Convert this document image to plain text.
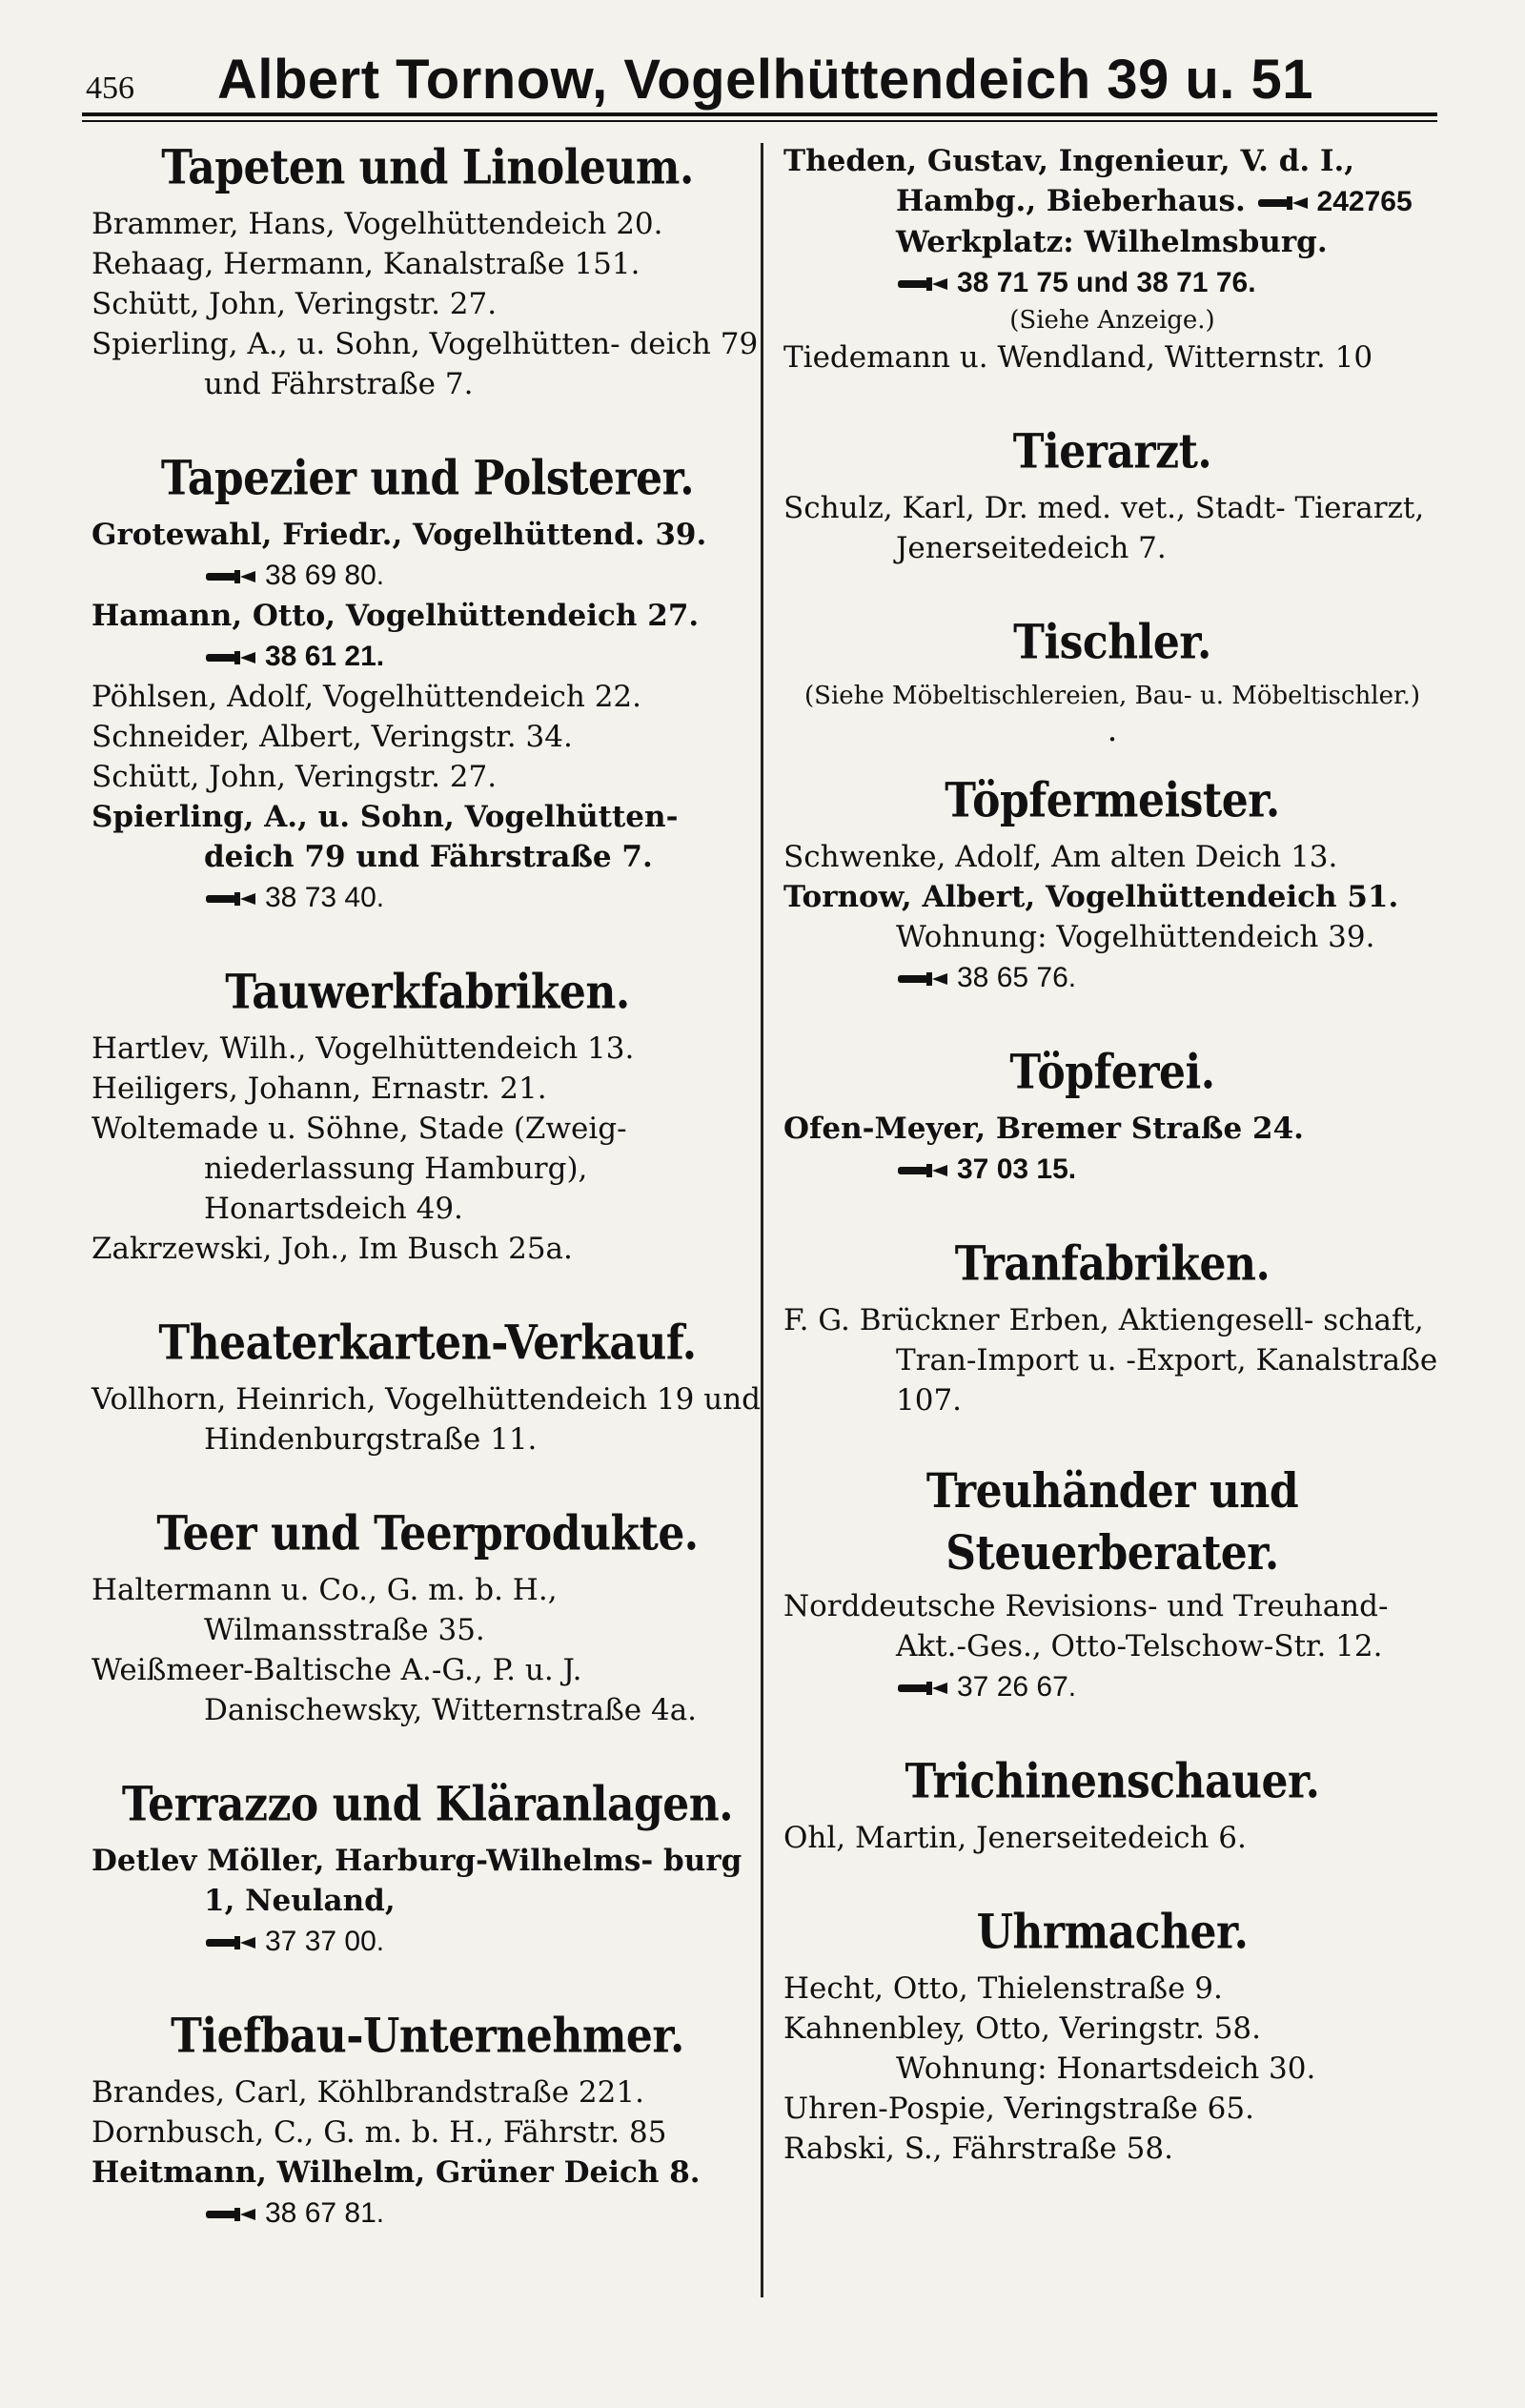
456 Albert Tornow, Vogelhüttendeich 39 u. 51
Tapeten und Linoleum.
Brammer, Hans, Vogelhüttendeich 20.
Rehaag, Hermann, Kanalstraße 151.
Schütt, John, Veringstr. 27.
Spierling, A., u. Sohn, Vogelhütten- deich 79 und Fährstraße 7.
Tapezier und Polsterer.
Grotewahl, Friedr., Vogelhüttend. 39.
38 69 80.
Hamann, Otto, Vogelhüttendeich 27.
38 61 21.
Pöhlsen, Adolf, Vogelhüttendeich 22.
Schneider, Albert, Veringstr. 34.
Schütt, John, Veringstr. 27.
Spierling, A., u. Sohn, Vogelhütten- deich 79 und Fährstraße 7.
38 73 40.
Tauwerkfabriken.
Hartlev, Wilh., Vogelhüttendeich 13.
Heiligers, Johann, Ernastr. 21.
Woltemade u. Söhne, Stade (Zweig- niederlassung Hamburg), Honartsdeich 49.
Zakrzewski, Joh., Im Busch 25a.
Theaterkarten-Verkauf.
Vollhorn, Heinrich, Vogelhüttendeich 19 und Hindenburgstraße 11.
Teer und Teerprodukte.
Haltermann u. Co., G. m. b. H., Wilmansstraße 35.
Weißmeer-Baltische A.-G., P. u. J. Danischewsky, Witternstraße 4a.
Terrazzo und Kläranlagen.
Detlev Möller, Harburg-Wilhelms- burg 1, Neuland,
37 37 00.
Tiefbau-Unternehmer.
Brandes, Carl, Köhlbrandstraße 221.
Dornbusch, C., G. m. b. H., Fährstr. 85
Heitmann, Wilhelm, Grüner Deich 8.
38 67 81.
Theden, Gustav, Ingenieur, V. d. I., Hambg., Bieberhaus. 242765
Werkplatz: Wilhelmsburg.
38 71 75 und 38 71 76.
(Siehe Anzeige.)
Tiedemann u. Wendland, Witternstr. 10
Tierarzt.
Schulz, Karl, Dr. med. vet., Stadt- Tierarzt, Jenerseitedeich 7.
Tischler.
(Siehe Möbeltischlereien, Bau- u. Möbeltischler.)
·
Töpfermeister.
Schwenke, Adolf, Am alten Deich 13.
Tornow, Albert, Vogelhüttendeich 51.
Wohnung: Vogelhüttendeich 39.
38 65 76.
Töpferei.
Ofen-Meyer, Bremer Straße 24.
37 03 15.
Tranfabriken.
F. G. Brückner Erben, Aktiengesell- schaft, Tran-Import u. -Export, Kanalstraße 107.
Treuhänder und Steuerberater.
Norddeutsche Revisions- und Treuhand- Akt.-Ges., Otto-Telschow-Str. 12.
37 26 67.
Trichinenschauer.
Ohl, Martin, Jenerseitedeich 6.
Uhrmacher.
Hecht, Otto, Thielenstraße 9.
Kahnenbley, Otto, Veringstr. 58.
Wohnung: Honartsdeich 30.
Uhren-Pospie, Veringstraße 65.
Rabski, S., Fährstraße 58.
